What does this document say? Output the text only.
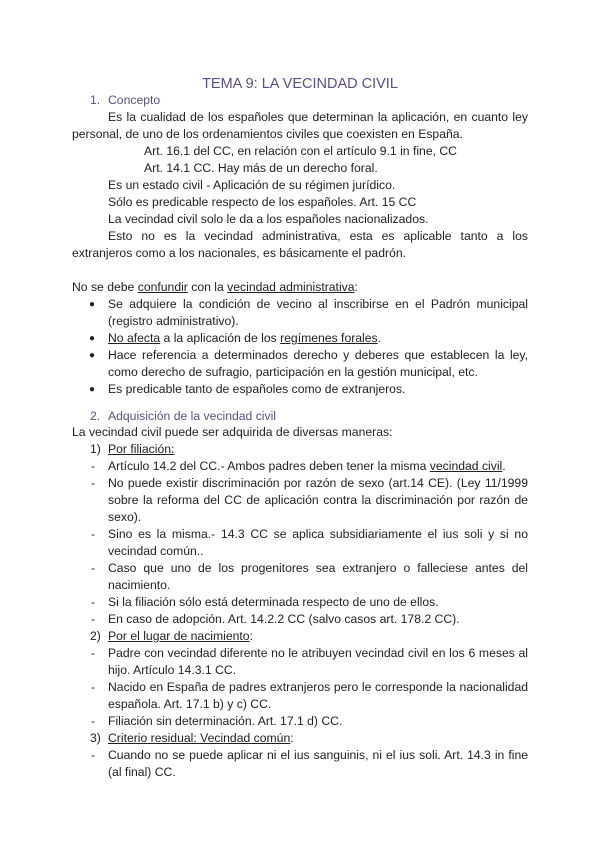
TEMA 9: LA VECINDAD CIVIL
1. Concepto
Es la cualidad de los españoles que determinan la aplicación, en cuanto ley
personal, de uno de los ordenamientos civiles que coexisten en España.
Art. 16.1 del CC, en relación con el artículo 9.1 in fine, CC
Art. 14.1 CC. Hay más de un derecho foral.
Es un estado civil - Aplicación de su régimen jurídico.
Sólo es predicable respecto de los españoles. Art. 15 CC
La vecindad civil solo le da a los españoles nacionalizados.
Esto no es la vecindad administrativa, esta es aplicable tanto a los
extranjeros como a los nacionales, es básicamente el padrón.
No se debe confundir con la vecindad administrativa:
● Se adquiere la condición de vecino al inscribirse en el Padrón municipal
(registro administrativo).
● No afecta a la aplicación de los regímenes forales.
● Hace referencia a determinados derecho y deberes que establecen la ley,
como derecho de sufragio, participación en la gestión municipal, etc.
● Es predicable tanto de españoles como de extranjeros.
2. Adquisición de la vecindad civil
La vecindad civil puede ser adquirida de diversas maneras:
1) Por filiación:
- Artículo 14.2 del CC.- Ambos padres deben tener la misma vecindad civil.
- No puede existir discriminación por razón de sexo (art.14 CE). (Ley 11/1999
sobre la reforma del CC de aplicación contra la discriminación por razón de
sexo).
- Sino es la misma.- 14.3 CC se aplica subsidiariamente el ius soli y si no
vecindad común..
- Caso que uno de los progenitores sea extranjero o falleciese antes del
nacimiento.
- Si la filiación sólo está determinada respecto de uno de ellos.
- En caso de adopción. Art. 14.2.2 CC (salvo casos art. 178.2 CC).
2) Por el lugar de nacimiento:
- Padre con vecindad diferente no le atribuyen vecindad civil en los 6 meses al
hijo. Artículo 14.3.1 CC.
- Nacido en España de padres extranjeros pero le corresponde la nacionalidad
española. Art. 17.1 b) y c) CC.
- Filiación sin determinación. Art. 17.1 d) CC.
3) Criterio residual: Vecindad común:
- Cuando no se puede aplicar ni el ius sanguinis, ni el ius soli. Art. 14.3 in fine
(al final) CC.
